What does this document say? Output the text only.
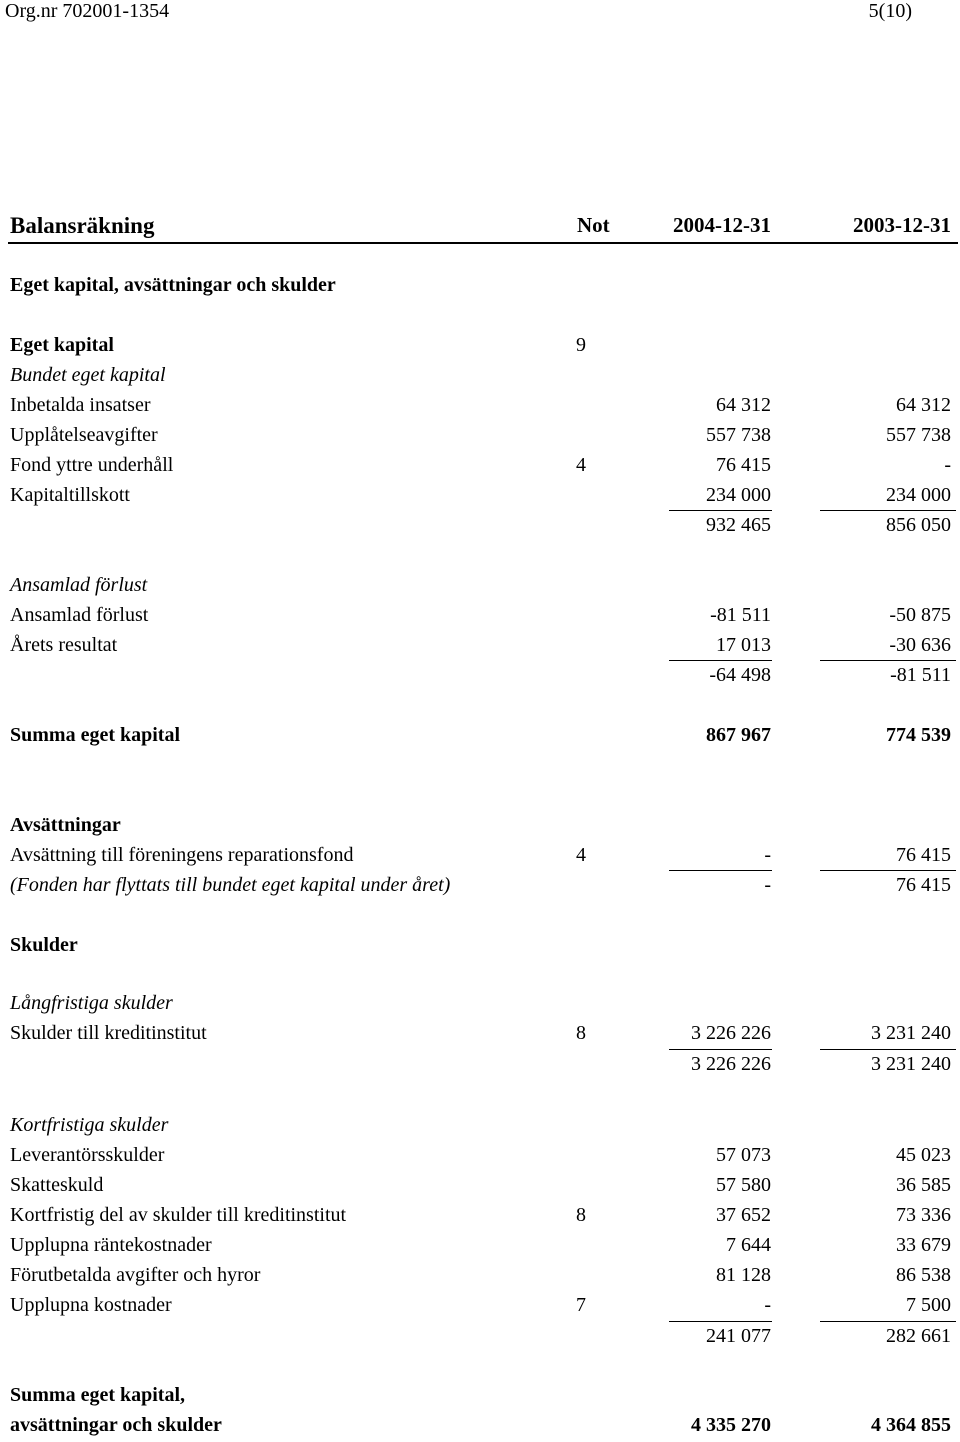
Org.nr 702001-1354	5(10)
Balansräkning	Not	2004-12-31	2003-12-31
Eget kapital, avsättningar och skulder
Eget kapital	9
Bundet eget kapital
Inbetalda insatser	64 312	64 312
Upplåtelseavgifter	557 738	557 738
Fond yttre underhåll	4	76 415	-
Kapitaltillskott	234 000	234 000
932 465	856 050
Ansamlad förlust
Ansamlad förlust	-81 511	-50 875
Årets resultat	17 013	-30 636
-64 498	-81 511
Summa eget kapital	867 967	774 539
Avsättningar
Avsättning till föreningens reparationsfond	4	-	76 415
(Fonden har flyttats till bundet eget kapital under året)	-	76 415
Skulder
Långfristiga skulder
Skulder till kreditinstitut	8	3 226 226	3 231 240
3 226 226	3 231 240
Kortfristiga skulder
Leverantörsskulder	57 073	45 023
Skatteskuld	57 580	36 585
Kortfristig del av skulder till kreditinstitut	8	37 652	73 336
Upplupna räntekostnader	7 644	33 679
Förutbetalda avgifter och hyror	81 128	86 538
Upplupna kostnader	7	-	7 500
241 077	282 661
Summa eget kapital,
avsättningar och skulder	4 335 270	4 364 855
